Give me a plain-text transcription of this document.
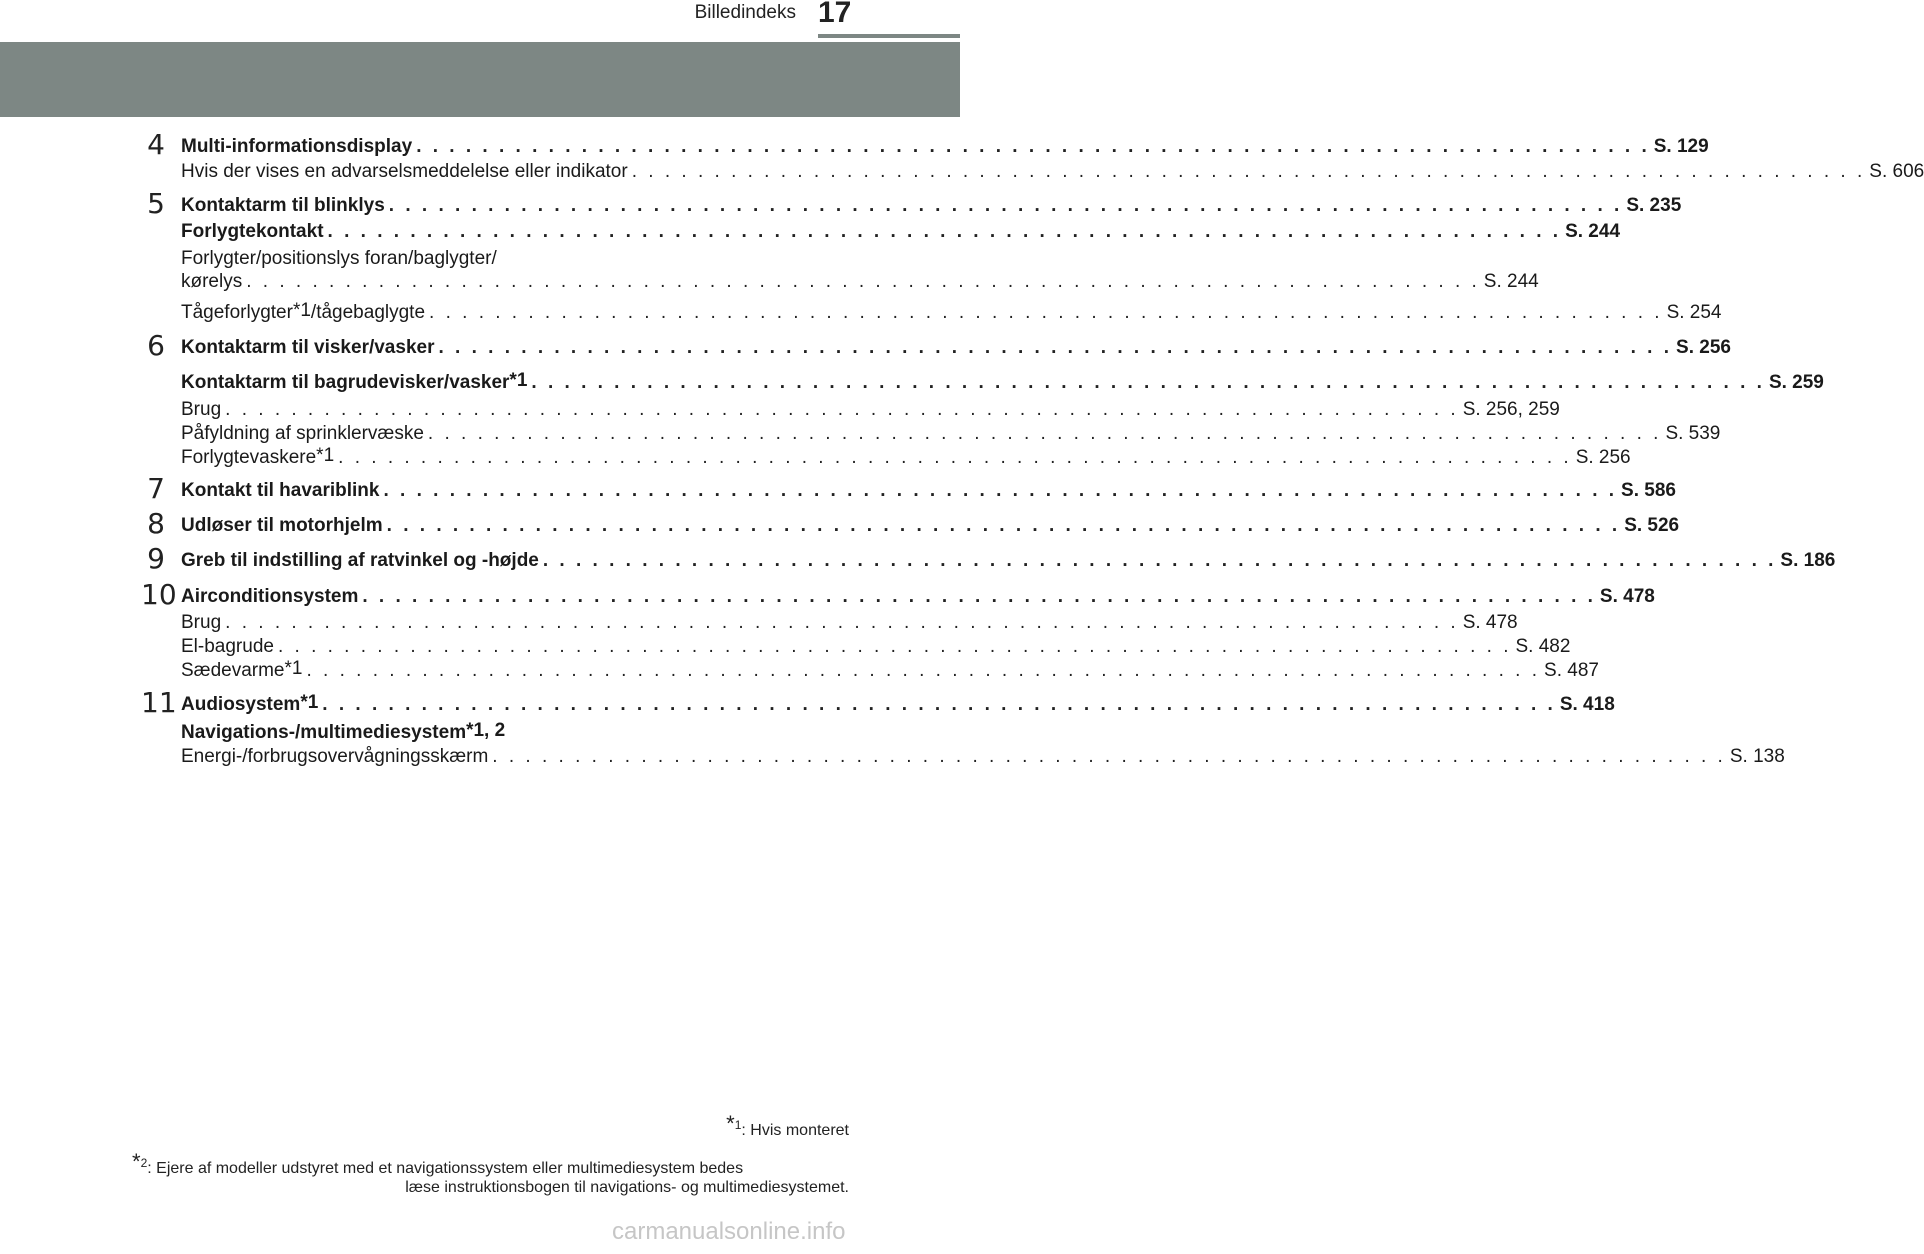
Billedindeks 17
4 Multi-informationsdisplay . . . . . . . . . . . . . . . . . . . . . . . . . . . . . . . . . . . . . . . . . . . . . . . . . . . . . . . . . . . . . . . . . . . . . . . . . . . S. 129
Hvis der vises en advarselsmeddelelse eller indikator . . . . . . . . . . . . . . . . . . . . . . . . . . . . . . . . . . . . . . . . . . . . . . . . . . . . . . . . . . . . . . . . . . . . . . . . . . . S. 606
5 Kontaktarm til blinklys . . . . . . . . . . . . . . . . . . . . . . . . . . . . . . . . . . . . . . . . . . . . . . . . . . . . . . . . . . . . . . . . . . . . . . . . . . . S. 235
Forlygtekontakt . . . . . . . . . . . . . . . . . . . . . . . . . . . . . . . . . . . . . . . . . . . . . . . . . . . . . . . . . . . . . . . . . . . . . . . . . . . S. 244
Forlygter/positionslys foran/baglygter/
kørelys . . . . . . . . . . . . . . . . . . . . . . . . . . . . . . . . . . . . . . . . . . . . . . . . . . . . . . . . . . . . . . . . . . . . . . . . . . . S. 244
Tågeforlygter$^{*1}$/tågebaglygte . . . . . . . . . . . . . . . . . . . . . . . . . . . . . . . . . . . . . . . . . . . . . . . . . . . . . . . . . . . . . . . . . . . . . . . . . . . S. 254
6 Kontaktarm til visker/vasker . . . . . . . . . . . . . . . . . . . . . . . . . . . . . . . . . . . . . . . . . . . . . . . . . . . . . . . . . . . . . . . . . . . . . . . . . . . S. 256
Kontaktarm til bagrudevisker/vasker$^{*1}$ . . . . . . . . . . . . . . . . . . . . . . . . . . . . . . . . . . . . . . . . . . . . . . . . . . . . . . . . . . . . . . . . . . . . . . . . . . . S. 259
Brug . . . . . . . . . . . . . . . . . . . . . . . . . . . . . . . . . . . . . . . . . . . . . . . . . . . . . . . . . . . . . . . . . . . . . . . . . . . S. 256, 259
Påfyldning af sprinklervæske . . . . . . . . . . . . . . . . . . . . . . . . . . . . . . . . . . . . . . . . . . . . . . . . . . . . . . . . . . . . . . . . . . . . . . . . . . . S. 539
Forlygtevaskere$^{*1}$ . . . . . . . . . . . . . . . . . . . . . . . . . . . . . . . . . . . . . . . . . . . . . . . . . . . . . . . . . . . . . . . . . . . . . . . . . . . S. 256
7 Kontakt til havariblink . . . . . . . . . . . . . . . . . . . . . . . . . . . . . . . . . . . . . . . . . . . . . . . . . . . . . . . . . . . . . . . . . . . . . . . . . . . S. 586
8 Udløser til motorhjelm . . . . . . . . . . . . . . . . . . . . . . . . . . . . . . . . . . . . . . . . . . . . . . . . . . . . . . . . . . . . . . . . . . . . . . . . . . . S. 526
9 Greb til indstilling af ratvinkel og -højde . . . . . . . . . . . . . . . . . . . . . . . . . . . . . . . . . . . . . . . . . . . . . . . . . . . . . . . . . . . . . . . . . . . . . . . . . . . S. 186
10 Airconditionsystem . . . . . . . . . . . . . . . . . . . . . . . . . . . . . . . . . . . . . . . . . . . . . . . . . . . . . . . . . . . . . . . . . . . . . . . . . . . S. 478
Brug . . . . . . . . . . . . . . . . . . . . . . . . . . . . . . . . . . . . . . . . . . . . . . . . . . . . . . . . . . . . . . . . . . . . . . . . . . . S. 478
El-bagrude . . . . . . . . . . . . . . . . . . . . . . . . . . . . . . . . . . . . . . . . . . . . . . . . . . . . . . . . . . . . . . . . . . . . . . . . . . . S. 482
Sædevarme$^{*1}$ . . . . . . . . . . . . . . . . . . . . . . . . . . . . . . . . . . . . . . . . . . . . . . . . . . . . . . . . . . . . . . . . . . . . . . . . . . . S. 487
11 Audiosystem$^{*1}$ . . . . . . . . . . . . . . . . . . . . . . . . . . . . . . . . . . . . . . . . . . . . . . . . . . . . . . . . . . . . . . . . . . . . . . . . . . . S. 418
Navigations-/multimediesystem$^{*1, 2}$
Energi-/forbrugsovervågningsskærm . . . . . . . . . . . . . . . . . . . . . . . . . . . . . . . . . . . . . . . . . . . . . . . . . . . . . . . . . . . . . . . . . . . . . . . . . . . S. 138
*$^1$: Hvis monteret
*$^2$: Ejere af modeller udstyret med et navigationssystem eller multimediesystem bedes
læse instruktionsbogen til navigations- og multimediesystemet.
carmanualsonline.info
